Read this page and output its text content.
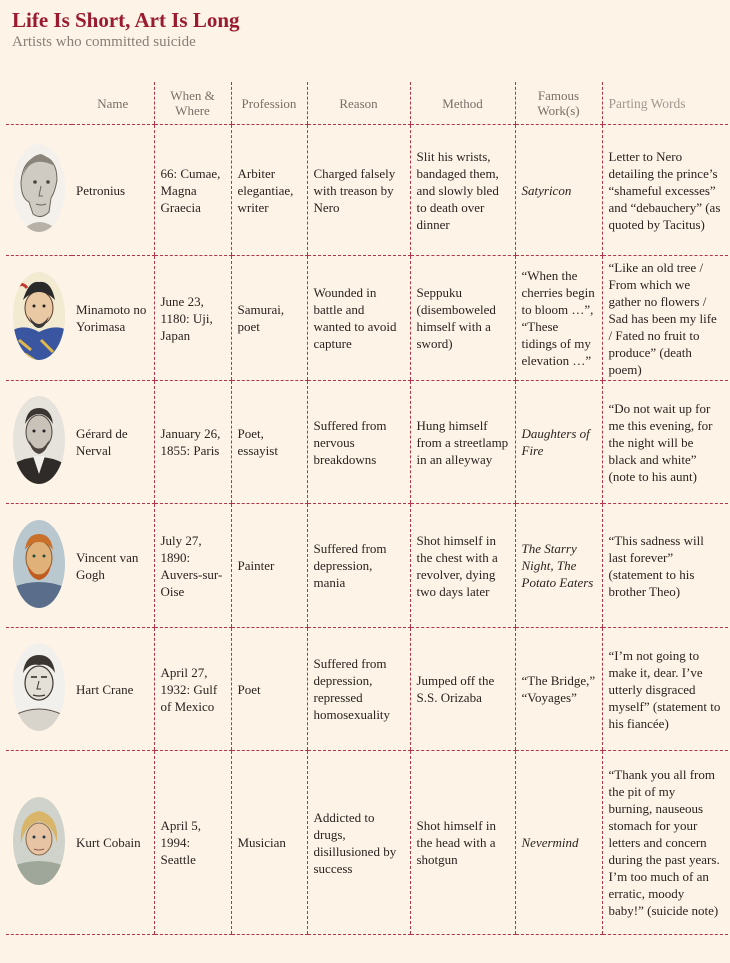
Life Is Short, Art Is Long

Artists who committed suicide

	Name	When & Where	Profession	Reason	Method	Famous Work(s)	Parting Words
	Petronius	66: Cumae, Magna Graecia	Arbiter elegantiae, writer	Charged falsely with treason by Nero	Slit his wrists, bandaged them, and slowly bled to death over dinner	Satyricon	Letter to Nero detailing the prince’s “shameful excesses” and “debauchery” (as quoted by Tacitus)
	Minamoto no Yorimasa	June 23, 1180: Uji, Japan	Samurai, poet	Wounded in battle and wanted to avoid capture	Seppuku (disemboweled himself with a sword)	“When the cherries begin to bloom …”, “These tidings of my elevation …”	“Like an old tree / From which we gather no flowers / Sad has been my life / Fated no fruit to produce” (death poem)
	Gérard de Nerval	January 26, 1855: Paris	Poet, essayist	Suffered from nervous breakdowns	Hung himself from a streetlamp in an alleyway	Daughters of Fire	“Do not wait up for me this evening, for the night will be black and white” (note to his aunt)
	Vincent van Gogh	July 27, 1890: Auvers-sur-Oise	Painter	Suffered from depression, mania	Shot himself in the chest with a revolver, dying two days later	The Starry Night, The Potato Eaters	“This sadness will last forever” (statement to his brother Theo)
	Hart Crane	April 27, 1932: Gulf of Mexico	Poet	Suffered from depression, repressed homosexuality	Jumped off the S.S. Orizaba	“The Bridge,” “Voyages”	“I’m not going to make it, dear. I’ve utterly disgraced myself” (statement to his fiancée)
	Kurt Cobain	April 5, 1994: Seattle	Musician	Addicted to drugs, disillusioned by success	Shot himself in the head with a shotgun	Nevermind	“Thank you all from the pit of my burning, nauseous stomach for your letters and concern during the past years. I’m too much of an erratic, moody baby!” (suicide note)
